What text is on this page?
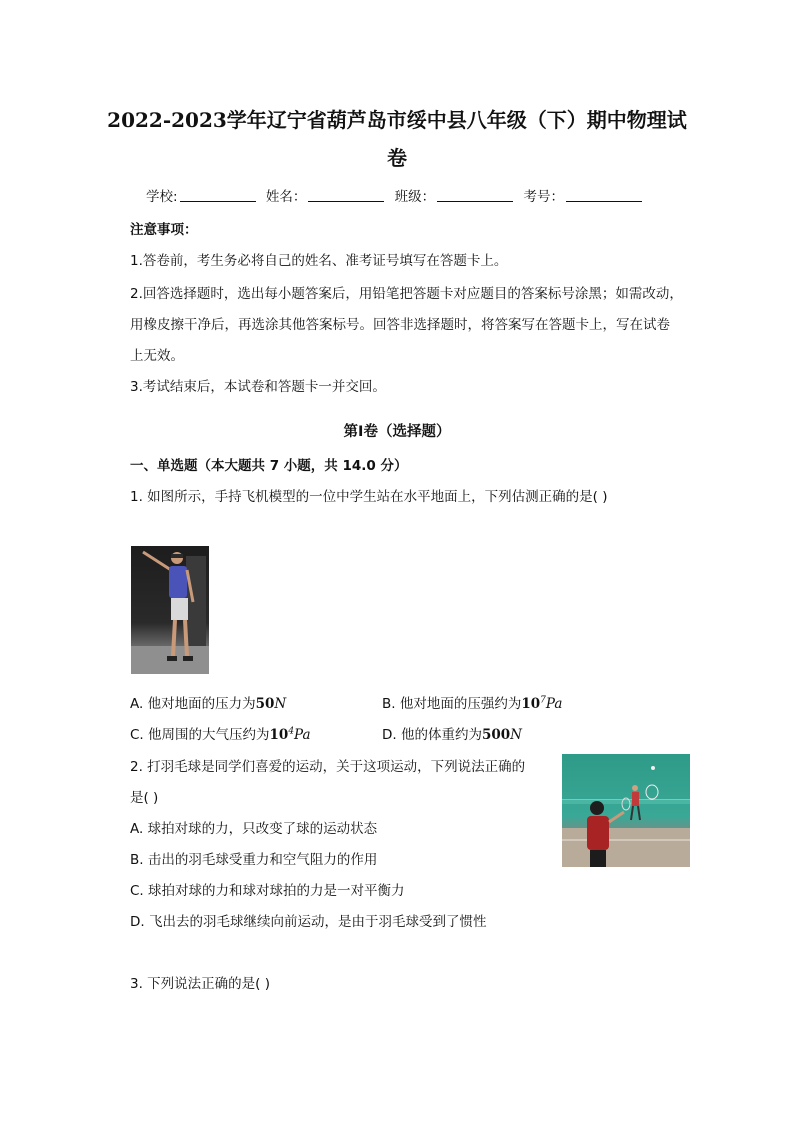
2022-2023学年辽宁省葫芦岛市绥中县八年级（下）期中物理试
卷
学校:	姓名：	班级：	考号：
注意事项：
1.答卷前，考生务必将自己的姓名、准考证号填写在答题卡上。
2.回答选择题时，选出每小题答案后，用铅笔把答题卡对应题目的答案标号涂黑；如需改动，
用橡皮擦干净后，再选涂其他答案标号。回答非选择题时，将答案写在答题卡上，写在试卷
上无效。
3.考试结束后，本试卷和答题卡一并交回。
第I卷（选择题）
一、单选题（本大题共 7 小题，共 14.0 分）
1. 如图所示，手持飞机模型的一位中学生站在水平地面上，下列估测正确的是( )
A. 他对地面的压力为50N	B. 他对地面的压强约为$10^7Pa$
C. 他周围的大气压约为$10^4Pa$	D. 他的体重约为500N
2. 打羽毛球是同学们喜爱的运动，关于这项运动，下列说法正确的
是( )
A. 球拍对球的力，只改变了球的运动状态
B. 击出的羽毛球受重力和空气阻力的作用
C. 球拍对球的力和球对球拍的力是一对平衡力
D. 飞出去的羽毛球继续向前运动，是由于羽毛球受到了惯性
3. 下列说法正确的是( )
